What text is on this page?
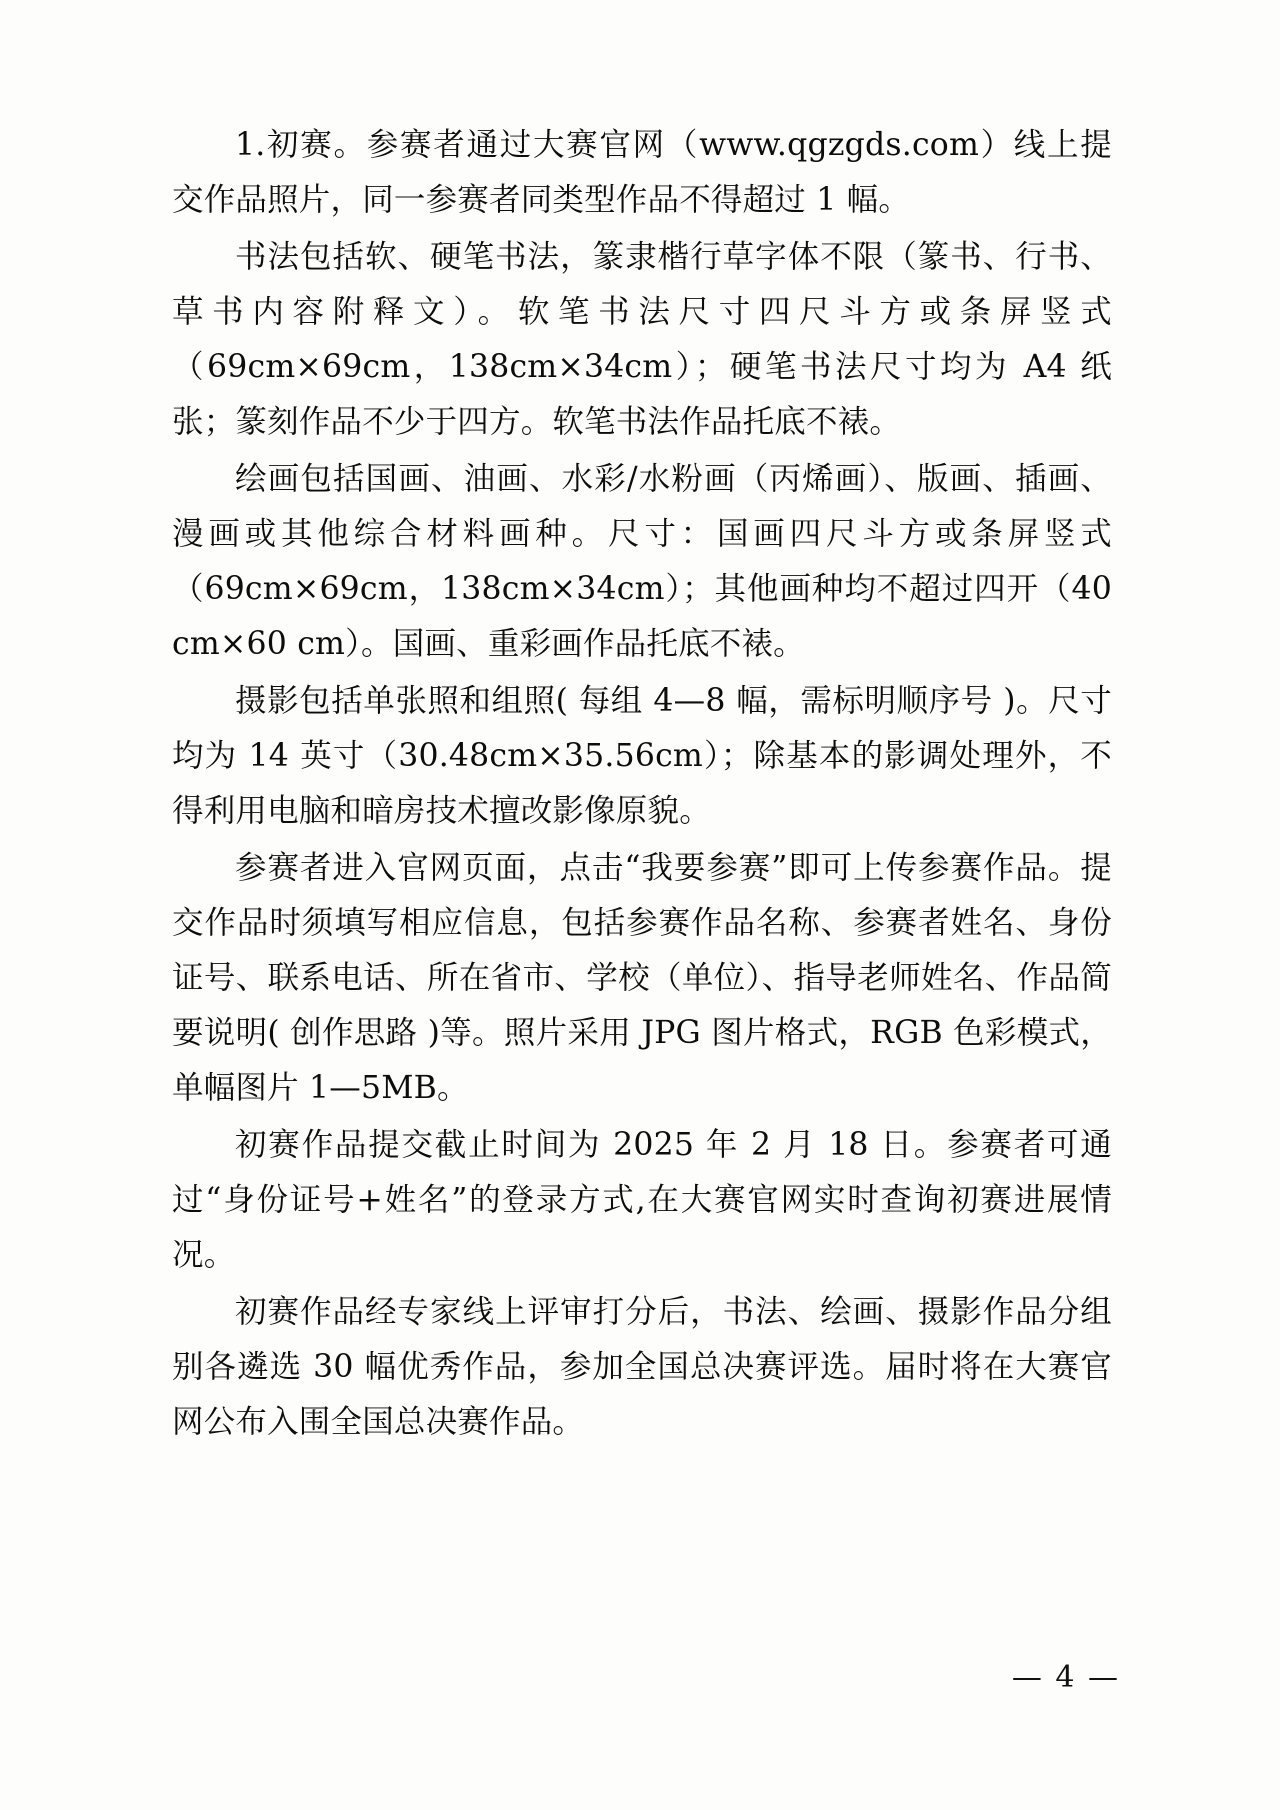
1.初赛。参赛者通过大赛官网（www.qgzgds.com）线上提交作品照片，同一参赛者同类型作品不得超过 1 幅。

书法包括软、硬笔书法，篆隶楷行草字体不限（篆书、行书、草书内容附释文）。软笔书法尺寸四尺斗方或条屏竖式（69cm×69cm，138cm×34cm）；硬笔书法尺寸均为 A4 纸张；篆刻作品不少于四方。软笔书法作品托底不裱。

绘画包括国画、油画、水彩/水粉画（丙烯画）、版画、插画、漫画或其他综合材料画种。尺寸：国画四尺斗方或条屏竖式（69cm×69cm，138cm×34cm）；其他画种均不超过四开（40 cm×60 cm）。国画、重彩画作品托底不裱。

摄影包括单张照和组照( 每组 4—8 幅，需标明顺序号 )。尺寸均为 14 英寸（30.48cm×35.56cm）；除基本的影调处理外，不得利用电脑和暗房技术擅改影像原貌。

参赛者进入官网页面，点击“我要参赛”即可上传参赛作品。提交作品时须填写相应信息，包括参赛作品名称、参赛者姓名、身份证号、联系电话、所在省市、学校（单位）、指导老师姓名、作品简要说明( 创作思路 )等。照片采用 JPG 图片格式，RGB 色彩模式，单幅图片 1—5MB。

初赛作品提交截止时间为 2025 年 2 月 18 日。参赛者可通过“身份证号+姓名”的登录方式,在大赛官网实时查询初赛进展情况。

初赛作品经专家线上评审打分后，书法、绘画、摄影作品分组别各遴选 30 幅优秀作品，参加全国总决赛评选。届时将在大赛官网公布入围全国总决赛作品。

— 4 —
